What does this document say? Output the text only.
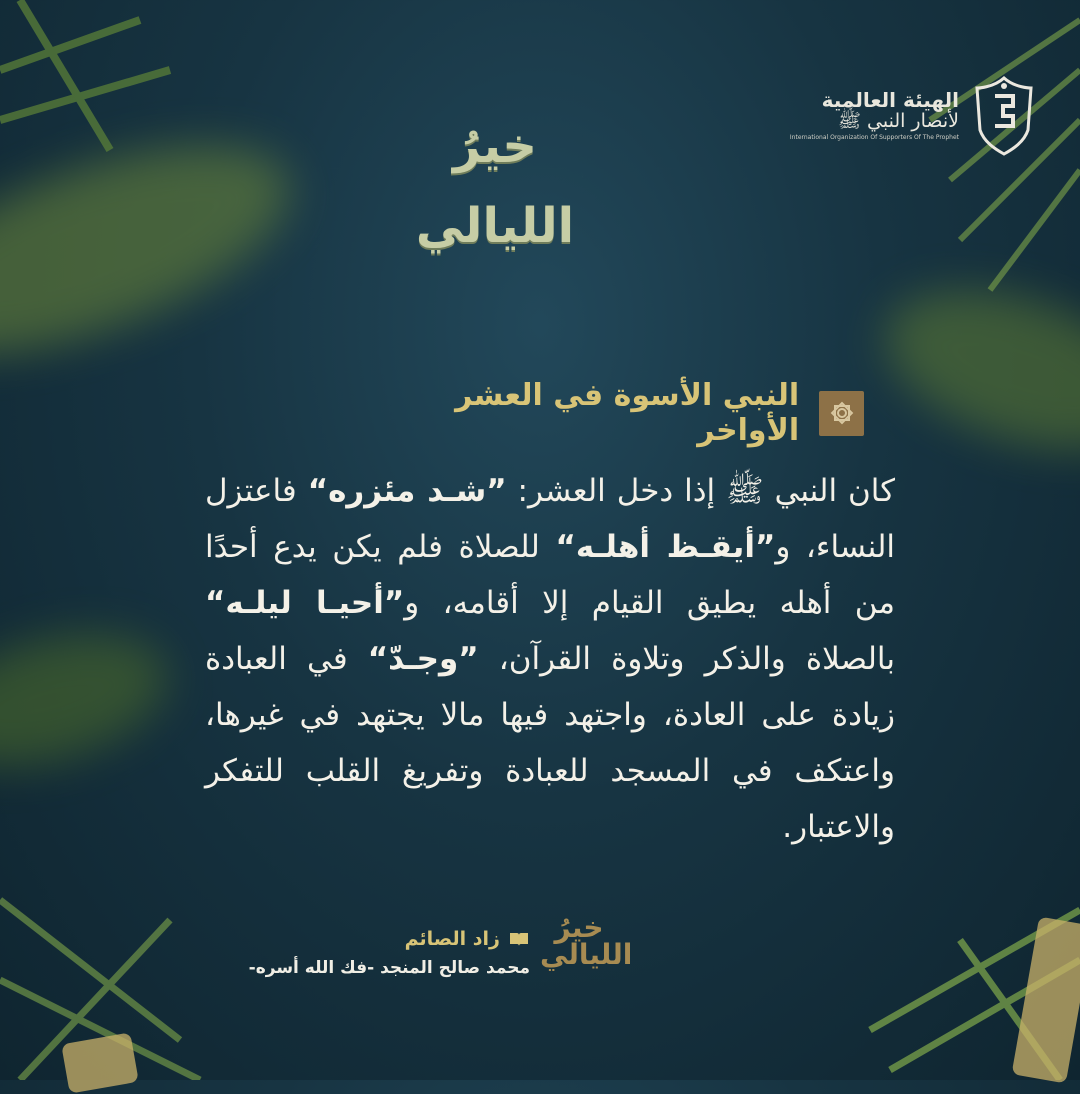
الهيئة العالمية
لأنصار النبي ﷺ
International Organization Of Supporters Of The Prophet
خيرُ
الليالي
النبي الأسوة في العشر الأواخر
كان النبي ﷺ إذا دخل العشر: ”شـد مئزره“ فاعتزل النساء، و”أيقـظ أهلـه“ للصلاة فلم يكن يدع أحدًا من أهله يطيق القيام إلا أقامه، و”أحيـا ليلـه“ بالصلاة والذكر وتلاوة القرآن، ”وجـدّ“ في العبادة زيادة على العادة، واجتهد فيها مالا يجتهد في غيرها، واعتكف في المسجد للعبادة وتفريغ القلب للتفكر والاعتبار.
زاد الصائم
محمد صالح المنجد -فك الله أسره-
خيرُ
الليالي
